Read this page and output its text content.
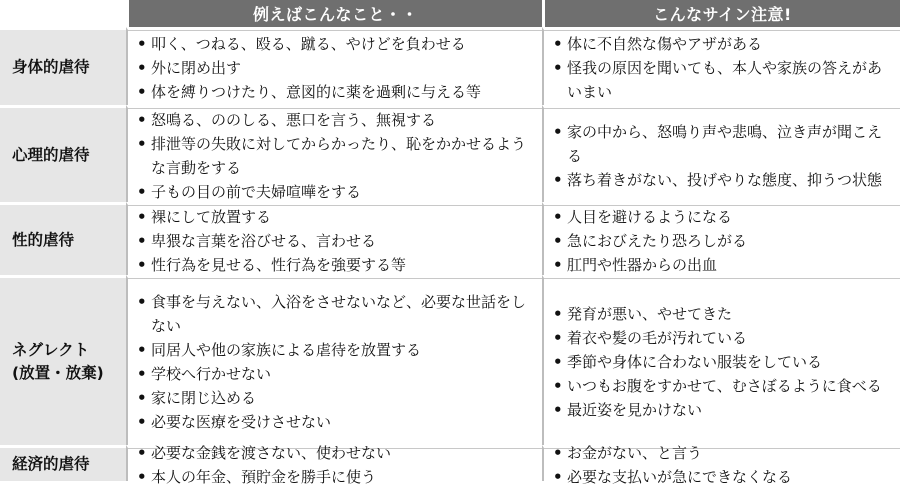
例えばこんなこと・・	こんなサイン注意!
身体的虐待
• 叩く、つねる、殴る、蹴る、やけどを負わせる
• 外に閉め出す
• 体を縛りつけたり、意図的に薬を過剰に与える等
• 体に不自然な傷やアザがある
• 怪我の原因を聞いても、本人や家族の答えがあいまい
心理的虐待
• 怒鳴る、ののしる、悪口を言う、無視する
• 排泄等の失敗に対してからかったり、恥をかかせるような言動をする
• 子もの目の前で夫婦喧嘩をする
• 家の中から、怒鳴り声や悲鳴、泣き声が聞こえる
• 落ち着きがない、投げやりな態度、抑うつ状態
性的虐待
• 裸にして放置する
• 卑猥な言葉を浴びせる、言わせる
• 性行為を見せる、性行為を強要する等
• 人目を避けるようになる
• 急におびえたり恐ろしがる
• 肛門や性器からの出血
ネグレクト
(放置・放棄)
• 食事を与えない、入浴をさせないなど、必要な世話をしない
• 同居人や他の家族による虐待を放置する
• 学校へ行かせない
• 家に閉じ込める
• 必要な医療を受けさせない
• 発育が悪い、やせてきた
• 着衣や髪の毛が汚れている
• 季節や身体に合わない服装をしている
• いつもお腹をすかせて、むさぼるように食べる
• 最近姿を見かけない
経済的虐待
• 必要な金銭を渡さない、使わせない
• 本人の年金、預貯金を勝手に使う
• お金がない、と言う
• 必要な支払いが急にできなくなる
